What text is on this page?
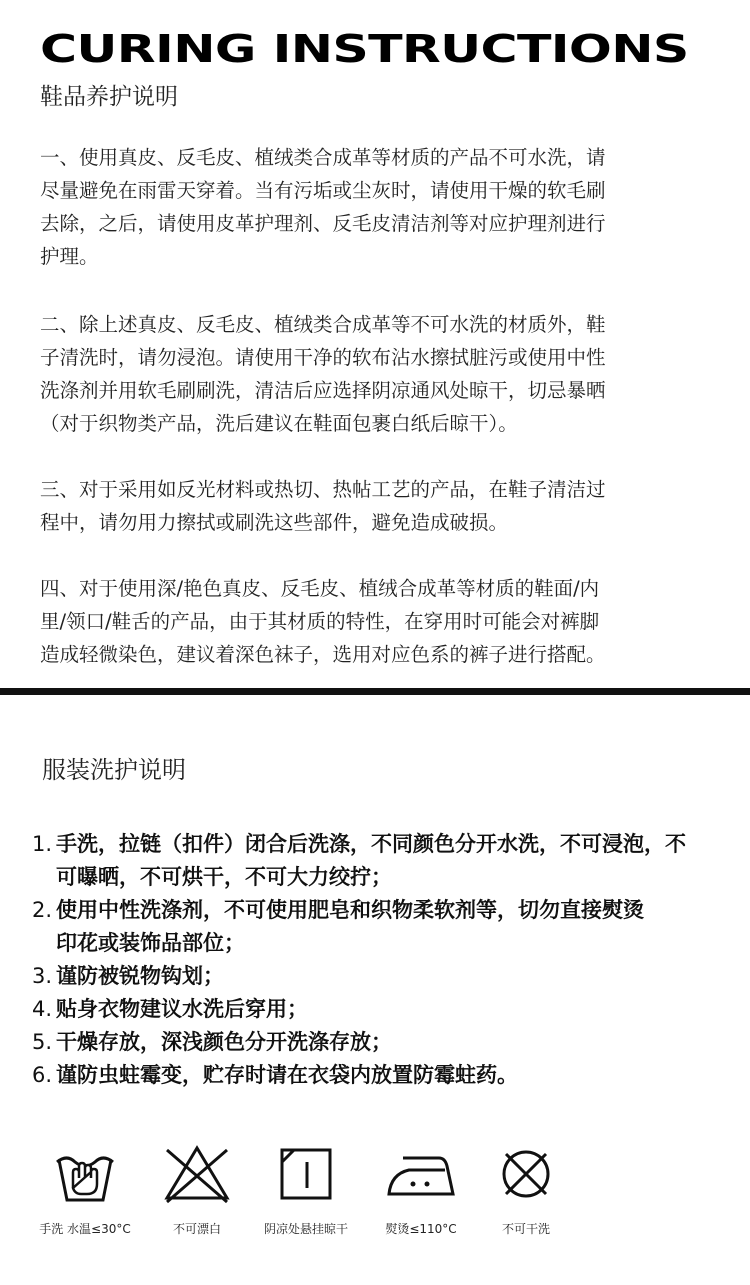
CURING INSTRUCTIONS
鞋品养护说明
一、使用真皮、反毛皮、植绒类合成革等材质的产品不可水洗，请
尽量避免在雨雷天穿着。当有污垢或尘灰时，请使用干燥的软毛刷
去除，之后，请使用皮革护理剂、反毛皮清洁剂等对应护理剂进行
护理。
二、除上述真皮、反毛皮、植绒类合成革等不可水洗的材质外，鞋
子清洗时，请勿浸泡。请使用干净的软布沾水擦拭脏污或使用中性
洗涤剂并用软毛刷刷洗，清洁后应选择阴凉通风处晾干，切忌暴晒
（对于织物类产品，洗后建议在鞋面包裹白纸后晾干）。
三、对于采用如反光材料或热切、热帖工艺的产品，在鞋子清洁过
程中，请勿用力擦拭或刷洗这些部件，避免造成破损。
四、对于使用深/艳色真皮、反毛皮、植绒合成革等材质的鞋面/内
里/领口/鞋舌的产品，由于其材质的特性，在穿用时可能会对裤脚
造成轻微染色，建议着深色袜子，选用对应色系的裤子进行搭配。
服装洗护说明
1. 手洗，拉链（扣件）闭合后洗涤，不同颜色分开水洗，不可浸泡，不
可曝晒，不可烘干，不可大力绞拧；
2. 使用中性洗涤剂，不可使用肥皂和织物柔软剂等，切勿直接熨烫
印花或装饰品部位；
3. 谨防被锐物钩划；
4. 贴身衣物建议水洗后穿用；
5. 干燥存放，深浅颜色分开洗涤存放；
6. 谨防虫蛀霉变，贮存时请在衣袋内放置防霉蛀药。
手洗 水温≤30°C	不可漂白	阴凉处悬挂晾干	熨烫≤110°C	不可干洗
